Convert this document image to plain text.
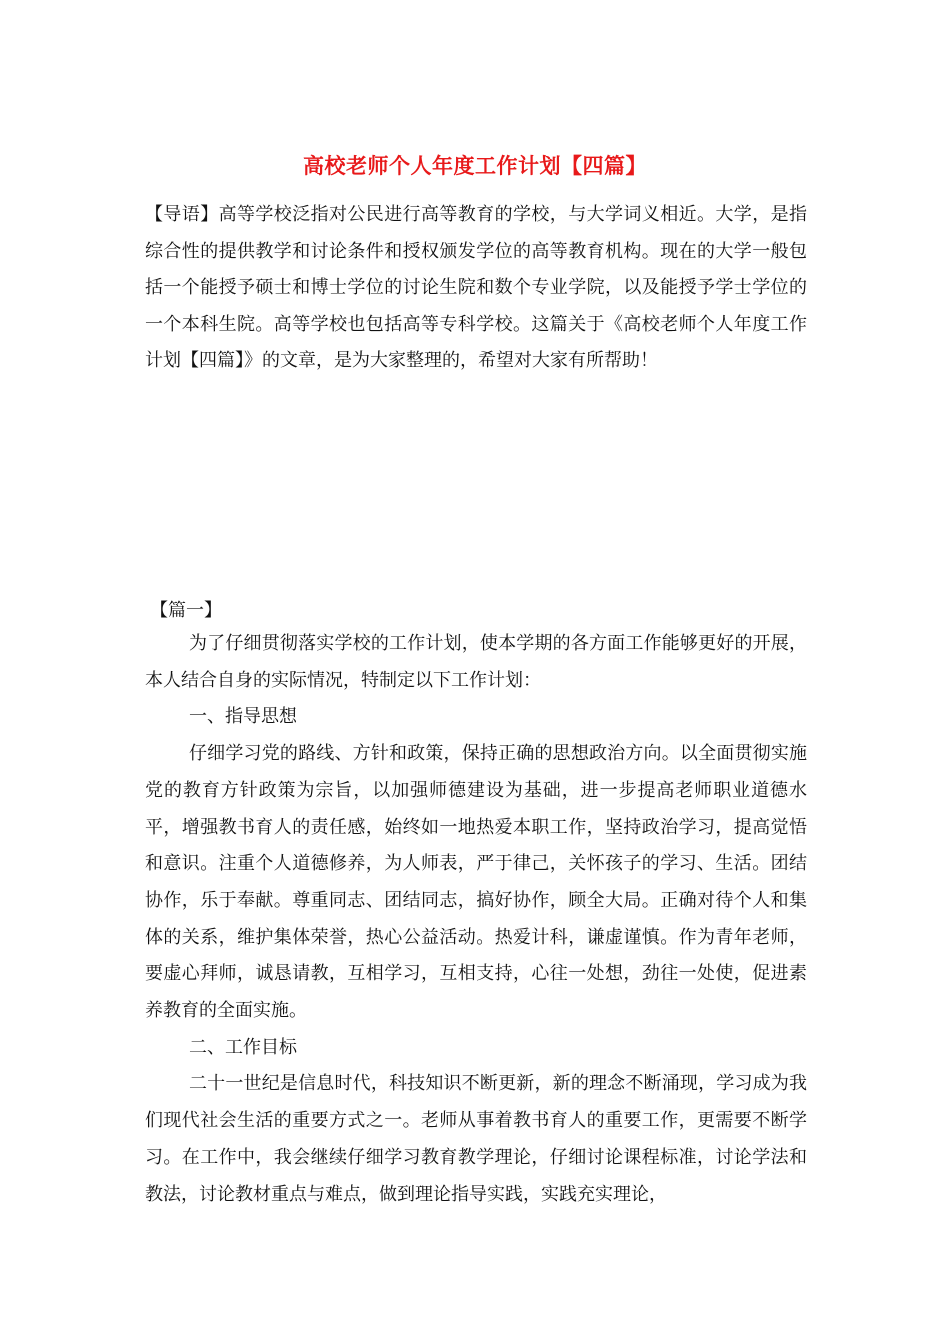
高校老师个人年度工作计划【四篇】

【导语】高等学校泛指对公民进行高等教育的学校，与大学词义相近。大学，是指综合性的提供教学和讨论条件和授权颁发学位的高等教育机构。现在的大学一般包括一个能授予硕士和博士学位的讨论生院和数个专业学院，以及能授予学士学位的一个本科生院。高等学校也包括高等专科学校。这篇关于《高校老师个人年度工作计划【四篇】》的文章，是为大家整理的，希望对大家有所帮助！

【篇一】

为了仔细贯彻落实学校的工作计划，使本学期的各方面工作能够更好的开展，本人结合自身的实际情况，特制定以下工作计划：

一、指导思想

仔细学习党的路线、方针和政策，保持正确的思想政治方向。以全面贯彻实施党的教育方针政策为宗旨，以加强师德建设为基础，进一步提高老师职业道德水平，增强教书育人的责任感，始终如一地热爱本职工作，坚持政治学习，提高觉悟和意识。注重个人道德修养，为人师表，严于律己，关怀孩子的学习、生活。团结协作，乐于奉献。尊重同志、团结同志，搞好协作，顾全大局。正确对待个人和集体的关系，维护集体荣誉，热心公益活动。热爱计科，谦虚谨慎。作为青年老师，要虚心拜师，诚恳请教，互相学习，互相支持，心往一处想，劲往一处使，促进素养教育的全面实施。

二、工作目标

二十一世纪是信息时代，科技知识不断更新，新的理念不断涌现，学习成为我们现代社会生活的重要方式之一。老师从事着教书育人的重要工作，更需要不断学习。在工作中，我会继续仔细学习教育教学理论，仔细讨论课程标准，讨论学法和教法，讨论教材重点与难点，做到理论指导实践，实践充实理论，
